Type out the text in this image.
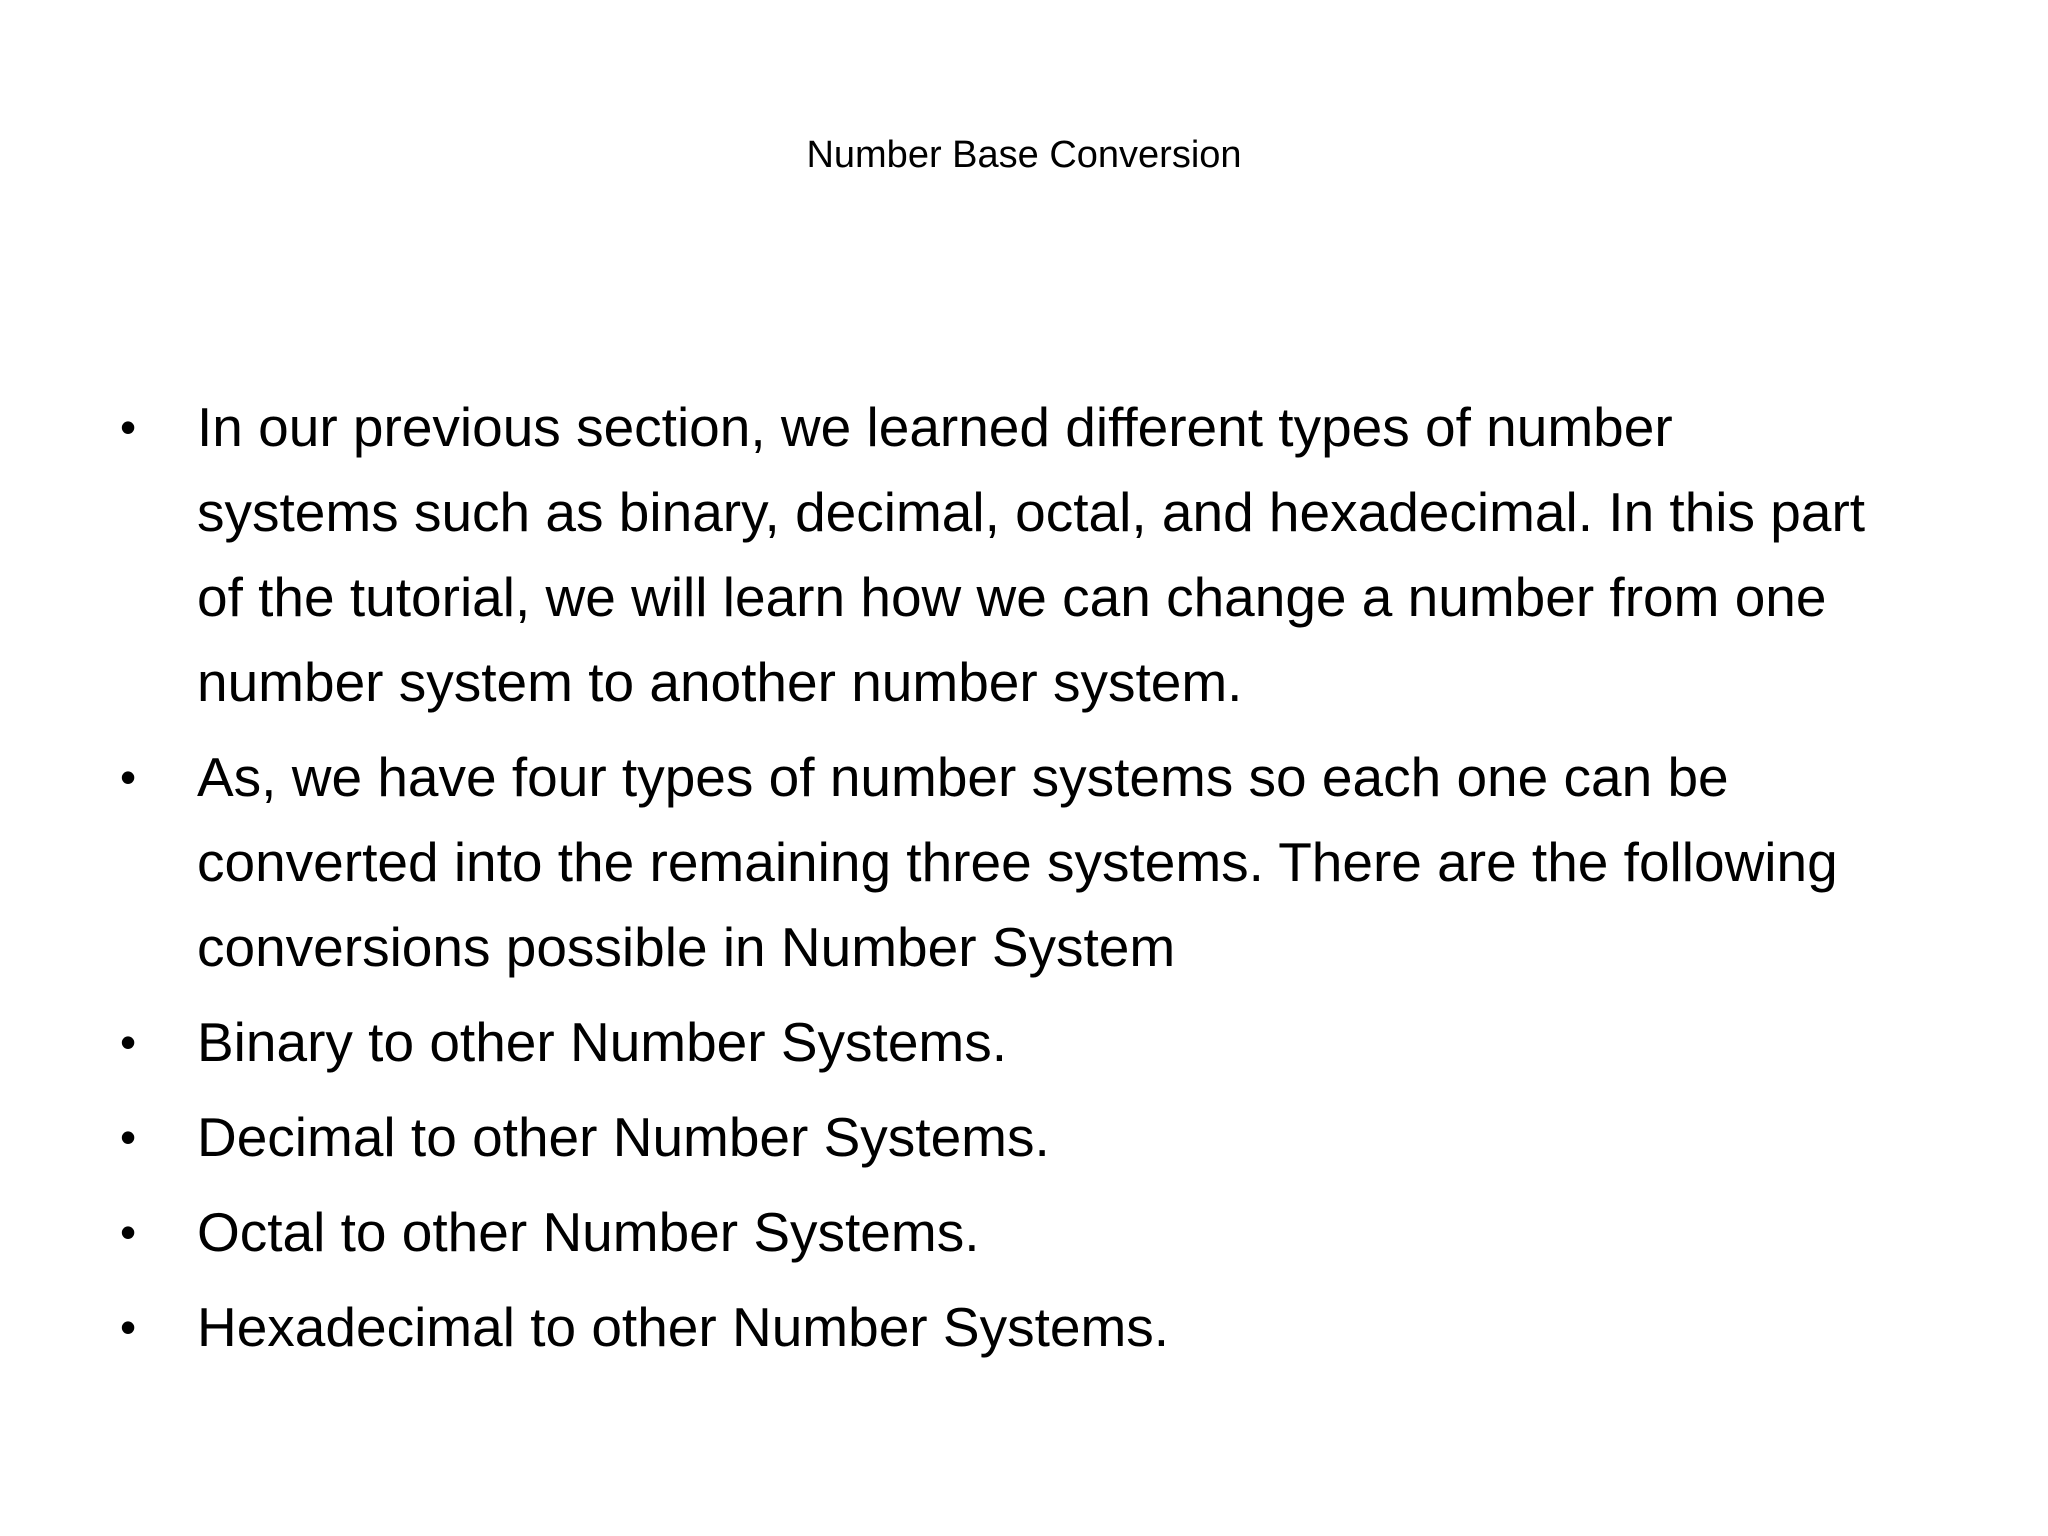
Number Base Conversion
• In our previous section, we learned different types of number systems such as binary, decimal, octal, and hexadecimal. In this part of the tutorial, we will learn how we can change a number from one number system to another number system.
• As, we have four types of number systems so each one can be converted into the remaining three systems. There are the following conversions possible in Number System
• Binary to other Number Systems.
• Decimal to other Number Systems.
• Octal to other Number Systems.
• Hexadecimal to other Number Systems.
